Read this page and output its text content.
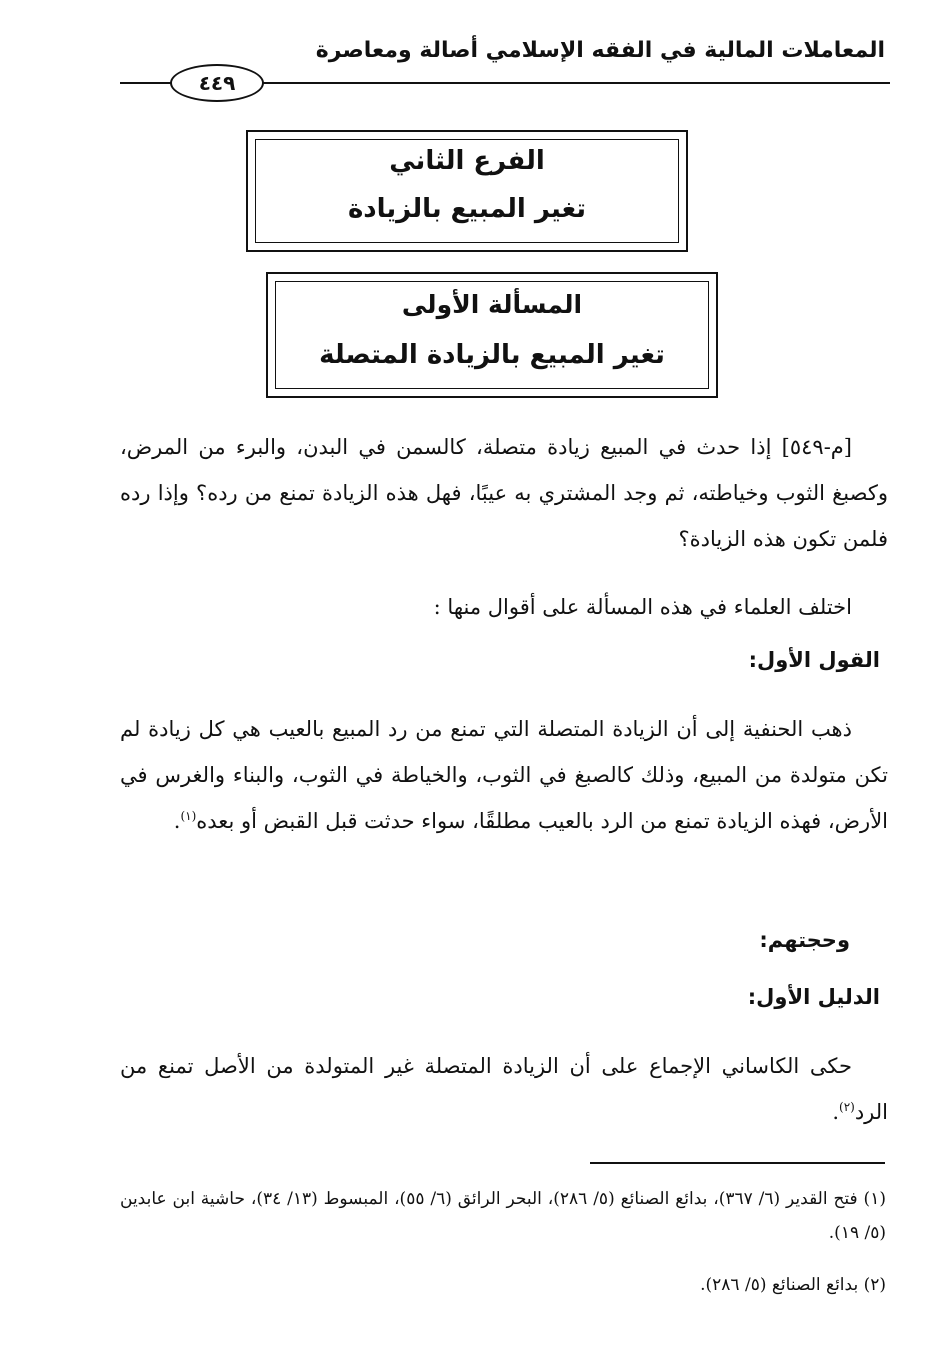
المعاملات المالية في الفقه الإسلامي أصالة ومعاصرة
٤٤٩
الفرع الثاني
تغير المبيع بالزيادة
المسألة الأولى
تغير المبيع بالزيادة المتصلة
[م-٥٤٩] إذا حدث في المبيع زيادة متصلة، كالسمن في البدن، والبرء من المرض، وكصبغ الثوب وخياطته، ثم وجد المشتري به عيبًا، فهل هذه الزيادة تمنع من رده؟ وإذا رده فلمن تكون هذه الزيادة؟
اختلف العلماء في هذه المسألة على أقوال منها :
القول الأول:
ذهب الحنفية إلى أن الزيادة المتصلة التي تمنع من رد المبيع بالعيب هي كل زيادة لم تكن متولدة من المبيع، وذلك كالصبغ في الثوب، والخياطة في الثوب، والبناء والغرس في الأرض، فهذه الزيادة تمنع من الرد بالعيب مطلقًا، سواء حدثت قبل القبض أو بعده$^{(١)}$.
وحجتهم:
الدليل الأول:
حكى الكاساني الإجماع على أن الزيادة المتصلة غير المتولدة من الأصل تمنع من الرد$^{(٢)}$.
(١) فتح القدير (٦/ ٣٦٧)، بدائع الصنائع (٥/ ٢٨٦)، البحر الرائق (٦/ ٥٥)، المبسوط (١٣/ ٣٤)، حاشية ابن عابدين (٥/ ١٩).
(٢) بدائع الصنائع (٥/ ٢٨٦).
